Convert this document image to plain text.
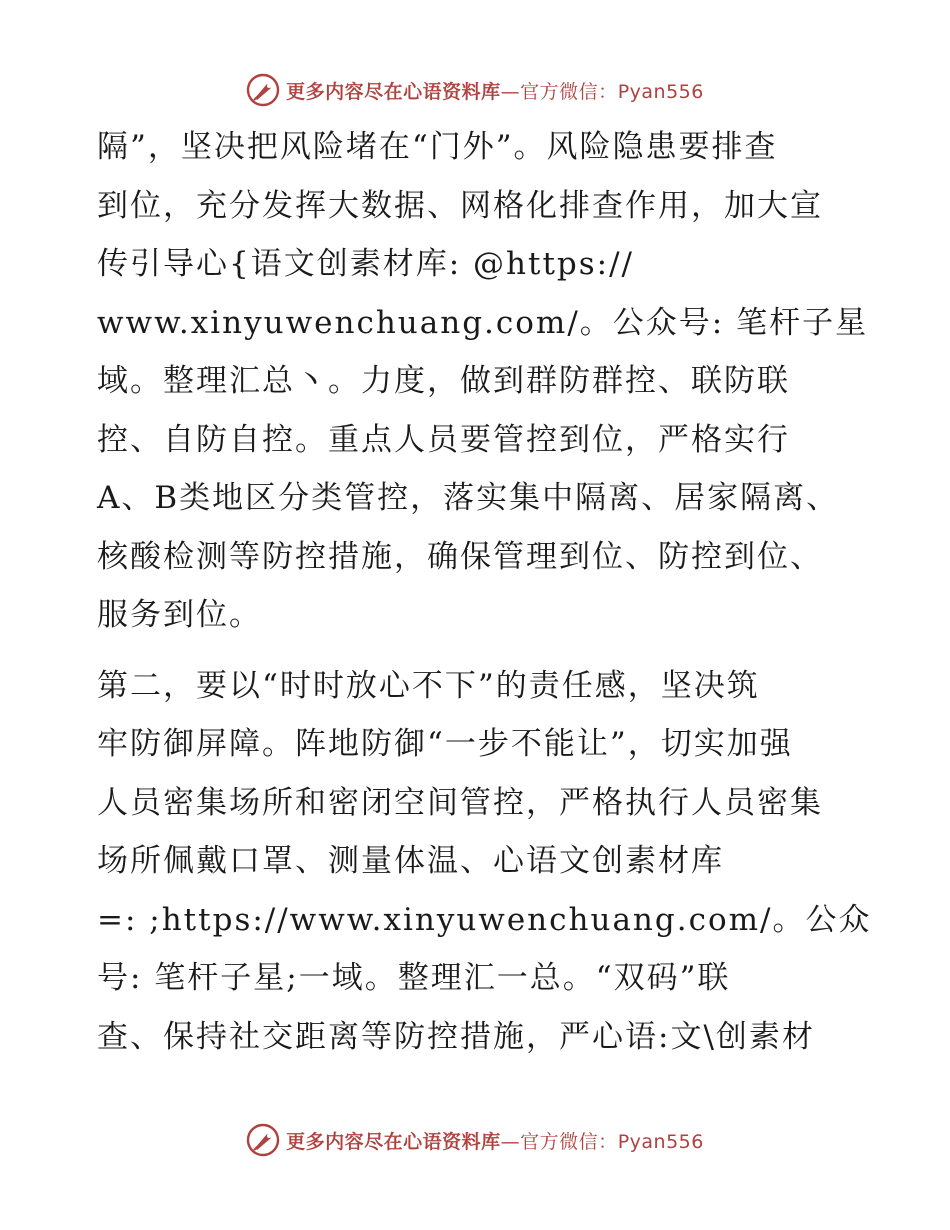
更多内容尽在心语资料库—官方微信：Pyan556
隔”，坚决把风险堵在“门外”。风险隐患要排查
到位，充分发挥大数据、网格化排查作用，加大宣
传引导心{语文创素材库: @https://
www.xinyuwenchuang.com/。公众号: 笔杆子星
域。整理汇总丶。力度，做到群防群控、联防联
控、自防自控。重点人员要管控到位，严格实行
A、B类地区分类管控，落实集中隔离、居家隔离、
核酸检测等防控措施，确保管理到位、防控到位、
服务到位。
第二，要以“时时放心不下”的责任感，坚决筑
牢防御屏障。阵地防御“一步不能让”，切实加强
人员密集场所和密闭空间管控，严格执行人员密集
场所佩戴口罩、测量体温、心语文创素材库
=: ;https://www.xinyuwenchuang.com/。公众
号: 笔杆子星;一域。整理汇一总。“双码”联
查、保持社交距离等防控措施，严心语:文\创素材
更多内容尽在心语资料库—官方微信：Pyan556
